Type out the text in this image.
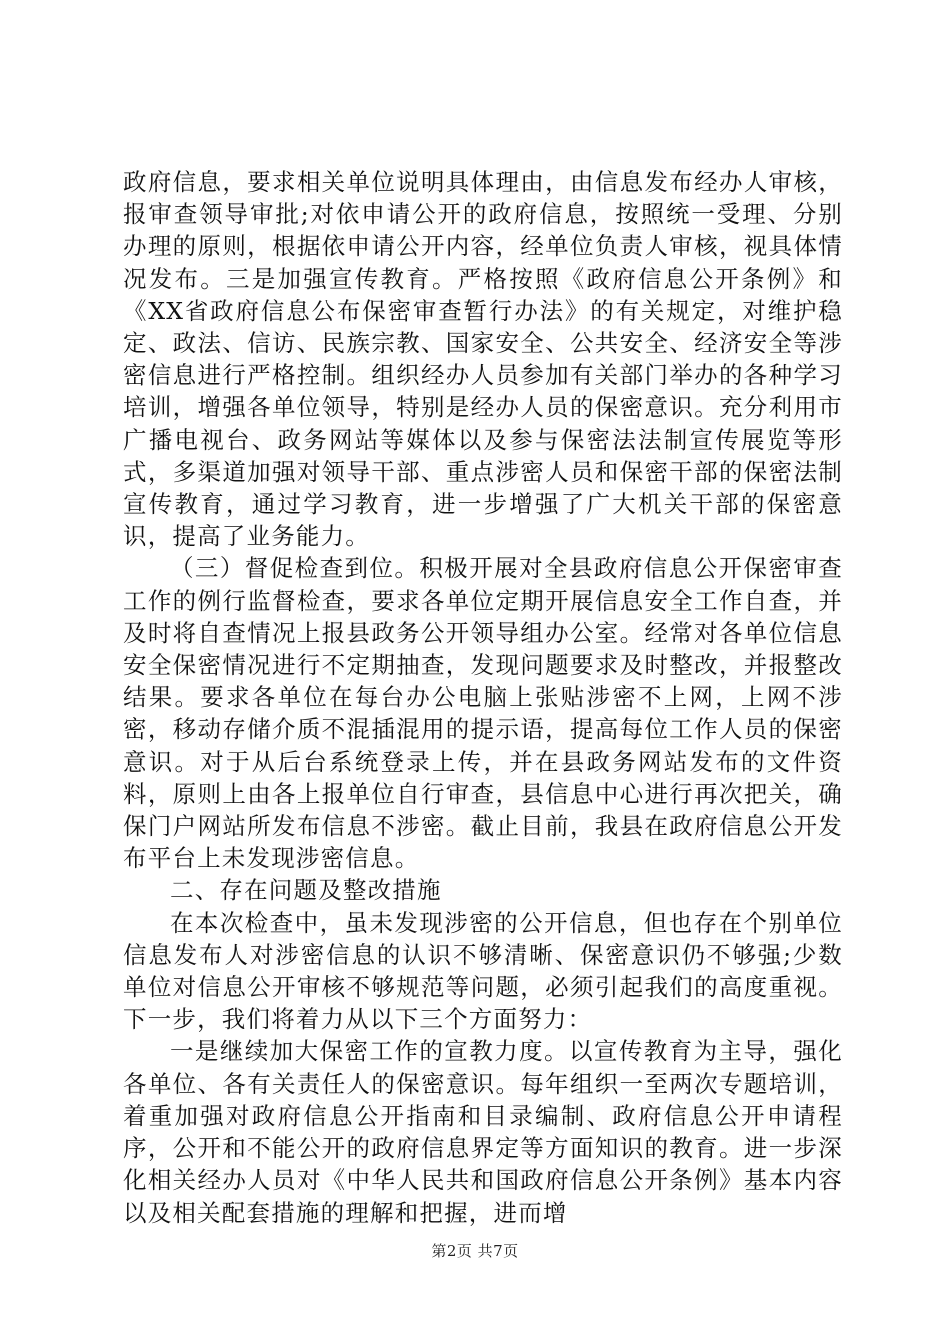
政府信息，要求相关单位说明具体理由，由信息发布经办人审核，报审查领导审批;对依申请公开的政府信息，按照统一受理、分别办理的原则，根据依申请公开内容，经单位负责人审核，视具体情况发布。三是加强宣传教育。严格按照《政府信息公开条例》和《XX省政府信息公布保密审查暂行办法》的有关规定，对维护稳定、政法、信访、民族宗教、国家安全、公共安全、经济安全等涉密信息进行严格控制。组织经办人员参加有关部门举办的各种学习培训，增强各单位领导，特别是经办人员的保密意识。充分利用市广播电视台、政务网站等媒体以及参与保密法法制宣传展览等形式，多渠道加强对领导干部、重点涉密人员和保密干部的保密法制宣传教育，通过学习教育，进一步增强了广大机关干部的保密意识，提高了业务能力。

（三）督促检查到位。积极开展对全县政府信息公开保密审查工作的例行监督检查，要求各单位定期开展信息安全工作自查，并及时将自查情况上报县政务公开领导组办公室。经常对各单位信息安全保密情况进行不定期抽查，发现问题要求及时整改，并报整改结果。要求各单位在每台办公电脑上张贴涉密不上网，上网不涉密，移动存储介质不混插混用的提示语，提高每位工作人员的保密意识。对于从后台系统登录上传，并在县政务网站发布的文件资料，原则上由各上报单位自行审查，县信息中心进行再次把关，确保门户网站所发布信息不涉密。截止目前，我县在政府信息公开发布平台上未发现涉密信息。

二、存在问题及整改措施

在本次检查中，虽未发现涉密的公开信息，但也存在个别单位信息发布人对涉密信息的认识不够清晰、保密意识仍不够强;少数单位对信息公开审核不够规范等问题，必须引起我们的高度重视。下一步，我们将着力从以下三个方面努力：

一是继续加大保密工作的宣教力度。以宣传教育为主导，强化各单位、各有关责任人的保密意识。每年组织一至两次专题培训，着重加强对政府信息公开指南和目录编制、政府信息公开申请程序，公开和不能公开的政府信息界定等方面知识的教育。进一步深化相关经办人员对《中华人民共和国政府信息公开条例》基本内容以及相关配套措施的理解和把握，进而增

第2页 共7页
